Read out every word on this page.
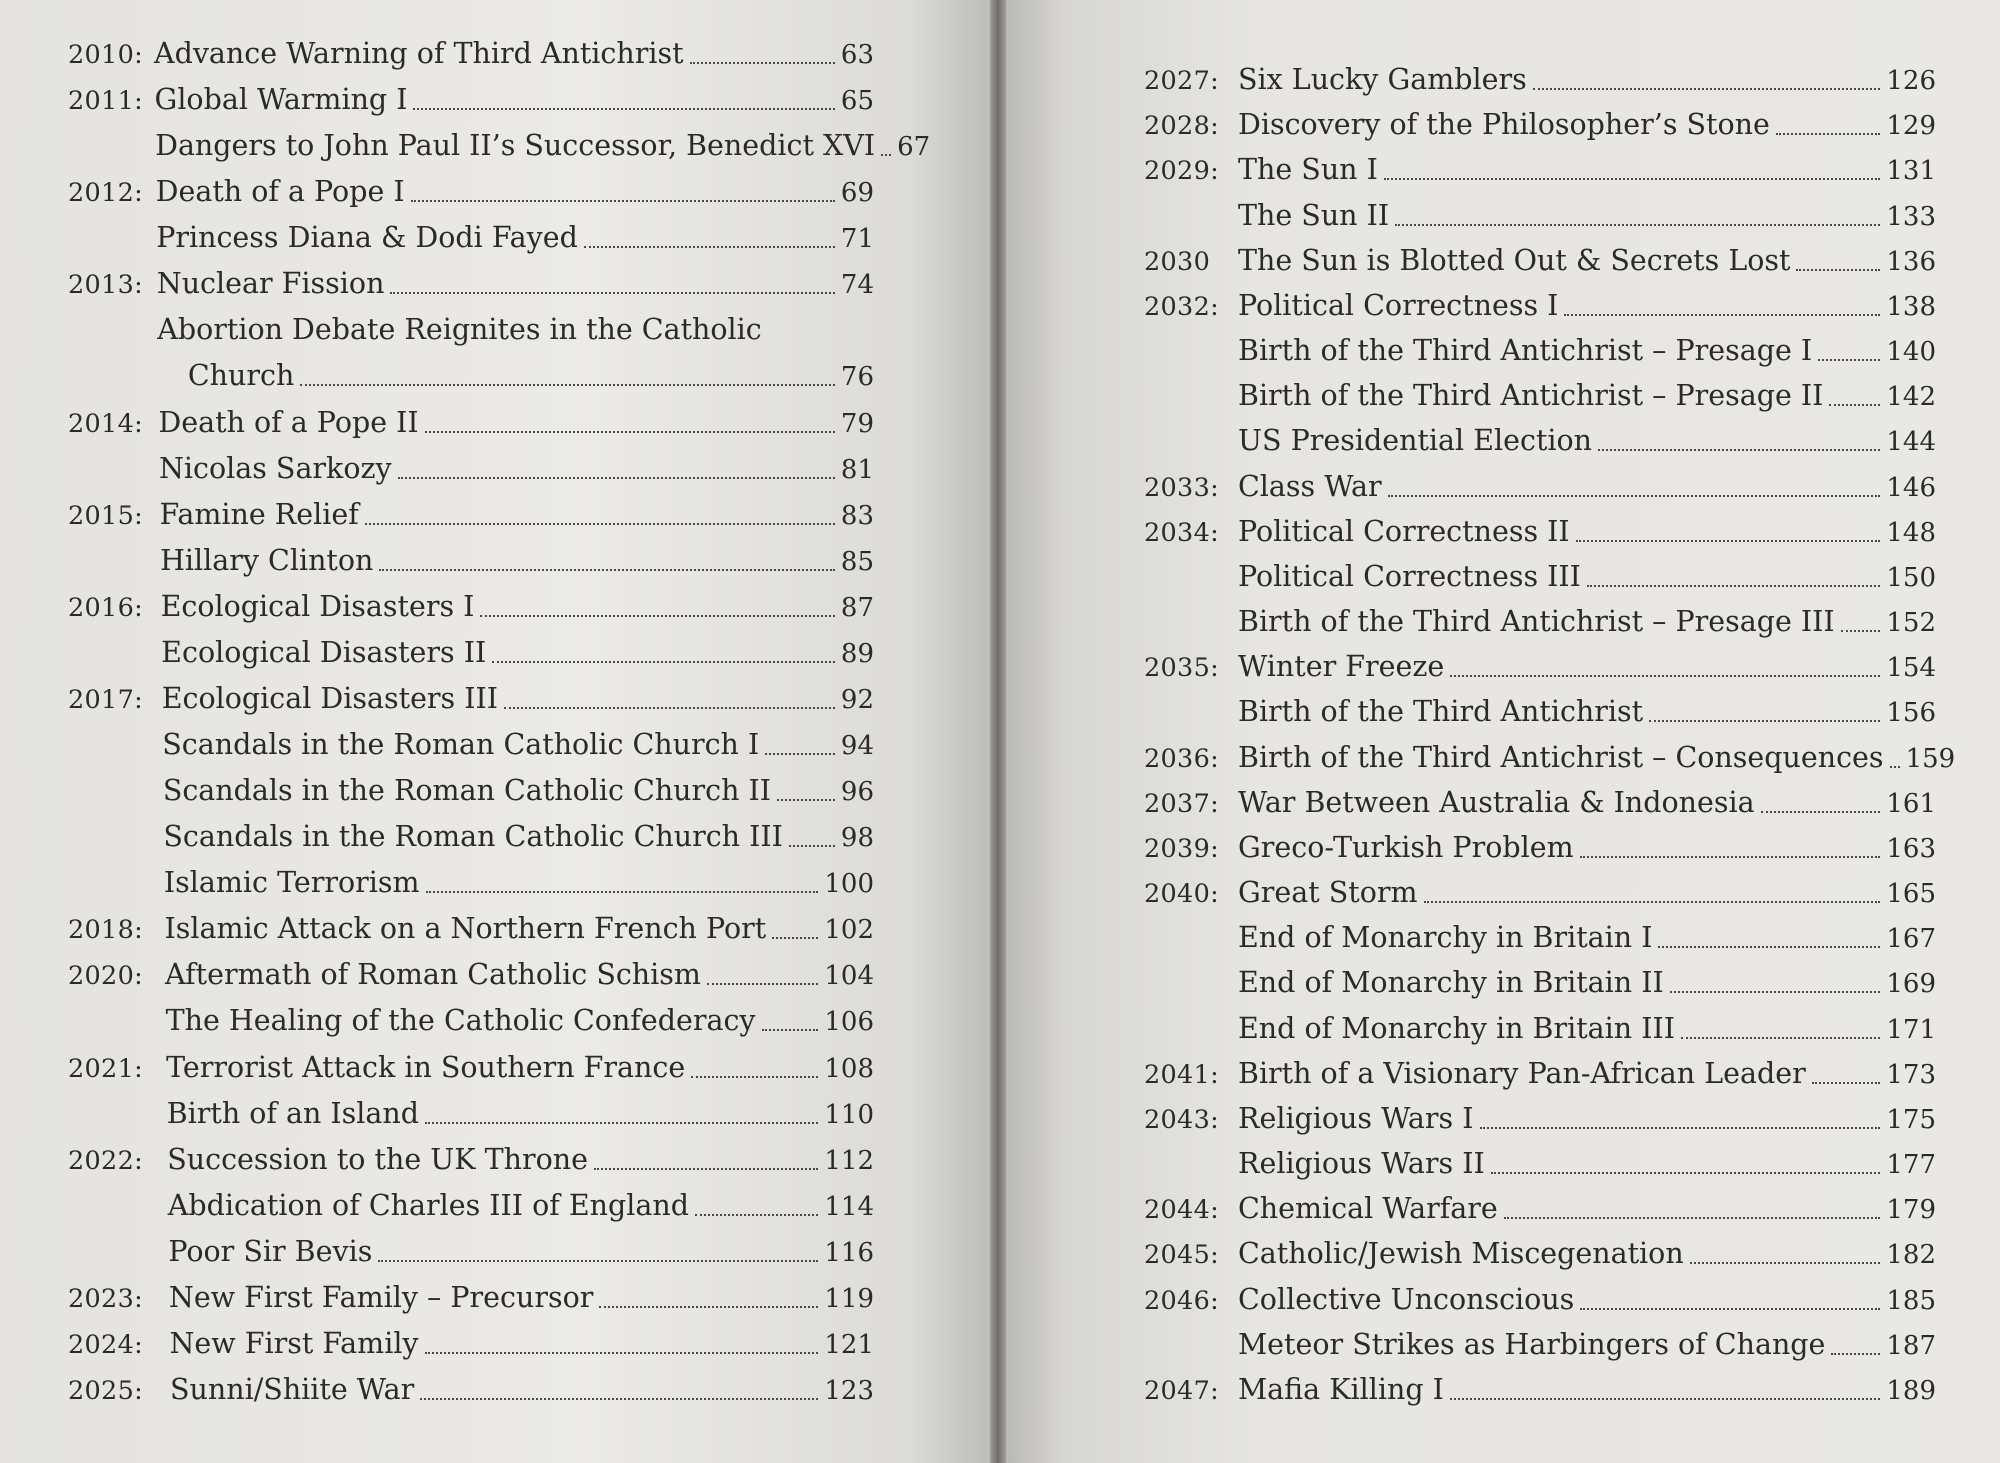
2010: Advance Warning of Third Antichrist	63
2011: Global Warming I	65
Dangers to John Paul II’s Successor, Benedict XVI 67
2012: Death of a Pope I	69
Princess Diana & Dodi Fayed	71
2013: Nuclear Fission	74
Abortion Debate Reignites in the Catholic
Church	76
2014: Death of a Pope II	79
Nicolas Sarkozy	81
2015: Famine Relief	83
Hillary Clinton	85
2016: Ecological Disasters I	87
Ecological Disasters II	89
2017: Ecological Disasters III	92
Scandals in the Roman Catholic Church I	94
Scandals in the Roman Catholic Church II	96
Scandals in the Roman Catholic Church III 98
Islamic Terrorism	100
2018: Islamic Attack on a Northern French Port 102
2020: Aftermath of Roman Catholic Schism	104
The Healing of the Catholic Confederacy	106
2021: Terrorist Attack in Southern France	108
Birth of an Island	110
2022: Succession to the UK Throne	112
Abdication of Charles III of England	114
Poor Sir Bevis	116
2023: New First Family – Precursor	119
2024: New First Family	121
2025: Sunni/Shiite War	123
2027: Six Lucky Gamblers	126
2028: Discovery of the Philosopher’s Stone	129
2029: The Sun I	131
The Sun II	133
2030 The Sun is Blotted Out & Secrets Lost	136
2032: Political Correctness I	138
Birth of the Third Antichrist – Presage I	140
Birth of the Third Antichrist – Presage II 142
US Presidential Election	144
2033: Class War	146
2034: Political Correctness II	148
Political Correctness III	150
Birth of the Third Antichrist – Presage III 152
2035: Winter Freeze	154
Birth of the Third Antichrist	156
2036: Birth of the Third Antichrist – Consequences 159
2037: War Between Australia & Indonesia	161
2039: Greco-Turkish Problem	163
2040: Great Storm	165
End of Monarchy in Britain I	167
End of Monarchy in Britain II	169
End of Monarchy in Britain III	171
2041: Birth of a Visionary Pan-African Leader	173
2043: Religious Wars I	175
Religious Wars II	177
2044: Chemical Warfare	179
2045: Catholic/Jewish Miscegenation	182
2046: Collective Unconscious	185
Meteor Strikes as Harbingers of Change 187
2047: Mafia Killing I	189
